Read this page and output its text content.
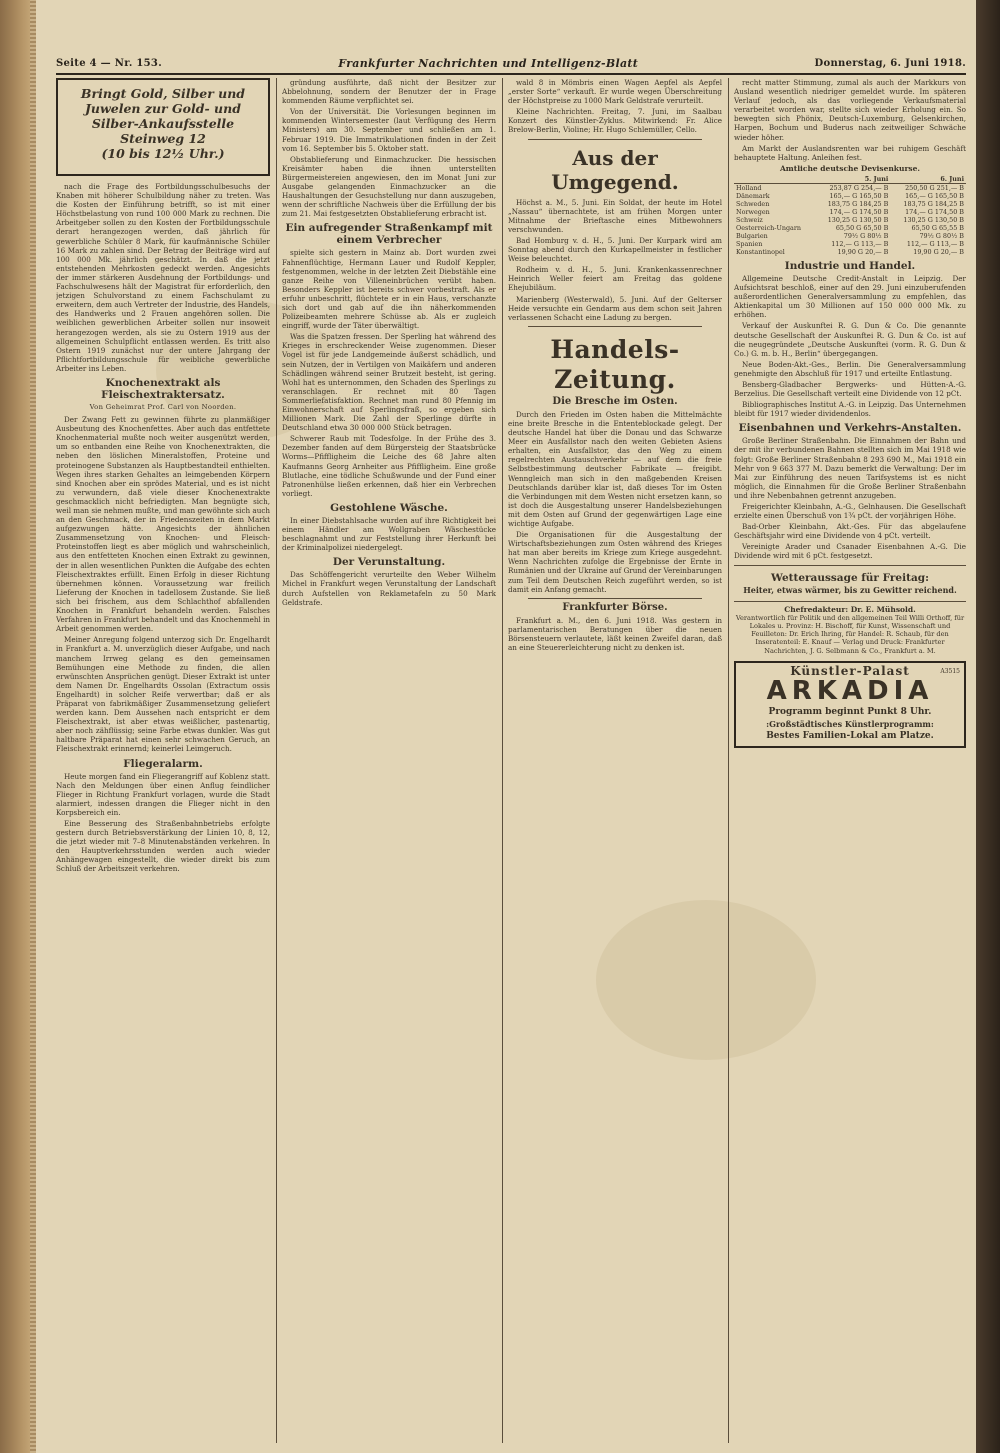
Seite 4 — Nr. 153.	Frankfurter Nachrichten und Intelligenz-Blatt	Donnerstag, 6. Juni 1918.
Bringt Gold, Silber und
Juwelen zur Gold- und
Silber-Ankaufsstelle Steinweg 12
(10 bis 12½ Uhr.)

nach die Frage des Fortbildungsschulbesuchs der Knaben mit höherer Schulbildung näher zu treten. Was die Kosten der Einführung betrifft, so ist mit einer Höchstbelastung von rund 100 000 Mark zu rechnen. Die Arbeitgeber sollen zu den Kosten der Fortbildungsschule derart herangezogen werden, daß jährlich für gewerbliche Schüler 8 Mark, für kaufmännische Schüler 16 Mark zu zahlen sind. Der Betrag der Beiträge wird auf 100 000 Mk. jährlich geschätzt. In daß die jetzt entstehenden Mehrkosten gedeckt werden. Angesichts der immer stärkeren Ausdehnung der Fortbildungs- und Fachschulwesens hält der Magistrat für erforderlich, den jetzigen Schulvorstand zu einem Fachschulamt zu erweitern, dem auch Vertreter der Industrie, des Handels, des Handwerks und 2 Frauen angehören sollen. Die weiblichen gewerblichen Arbeiter sollen nur insoweit herangezogen werden, als sie zu Ostern 1919 aus der allgemeinen Schulpflicht entlassen werden. Es tritt also Ostern 1919 zunächst nur der untere Jahrgang der Pflichtfortbildungsschule für weibliche gewerbliche Arbeiter ins Leben.

Knochenextrakt als Fleischextraktersatz.
Von Geheimrat Prof. Carl von Noorden.

Der Zwang Fett zu gewinnen führte zu planmäßiger Ausbeutung des Knochenfettes. Aber auch das entfettete Knochenmaterial mußte noch weiter ausgenützt werden, um so entbanden eine Reihe von Knochenextrakten, die neben den löslichen Mineralstoffen, Proteine und proteinogene Substanzen als Hauptbestandteil enthielten. Wegen ihres starken Gehaltes an leimgebenden Körpern sind Knochen aber ein sprödes Material, und es ist nicht zu verwundern, daß viele dieser Knochenextrakte geschmacklich nicht befriedigten. Man begnügte sich, weil man sie nehmen mußte, und man gewöhnte sich auch an den Geschmack, der in Friedenszeiten in dem Markt aufgezwungen hätte. Angesichts der ähnlichen Zusammensetzung von Knochen- und Fleisch-Proteinstoffen liegt es aber möglich und wahrscheinlich, aus den entfetteten Knochen einen Extrakt zu gewinnen, der in allen wesentlichen Punkten die Aufgabe des echten Fleischextraktes erfüllt. Einen Erfolg in dieser Richtung übernehmen können. Voraussetzung war freilich Lieferung der Knochen in tadellosem Zustande. Sie ließ sich bei frischem, aus dem Schlachthof abfallenden Knochen in Frankfurt behandeln werden. Falsches Verfahren in Frankfurt behandelt und das Knochenmehl in Arbeit genommen werden.

Meiner Anregung folgend unterzog sich Dr. Engelhardt in Frankfurt a. M. unverzüglich dieser Aufgabe, und nach manchem Irrweg gelang es den gemeinsamen Bemühungen eine Methode zu finden, die allen erwünschten Ansprüchen genügt. Dieser Extrakt ist unter dem Namen Dr. Engelhardts Ossolan (Extractum ossis Engelhardt) in solcher Reife verwertbar; daß er als Präparat von fabrikmäßiger Zusammensetzung geliefert werden kann. Dem Aussehen nach entspricht er dem Fleischextrakt, ist aber etwas weißlicher, pastenartig, aber noch zähflüssig; seine Farbe etwas dunkler. Was gut haltbare Präparat hat einen sehr schwachen Geruch, an Fleischextrakt erinnernd; keinerlei Leimgeruch.

Fliegeralarm.

Heute morgen fand ein Fliegerangriff auf Koblenz statt. Nach den Meldungen über einen Anflug feindlicher Flieger in Richtung Frankfurt vorlagen, wurde die Stadt alarmiert, indessen drangen die Flieger nicht in den Korpsbereich ein.

Eine Besserung des Straßenbahnbetriebs erfolgte gestern durch Betriebsverstärkung der Linien 10, 8, 12, die jetzt wieder mit 7–8 Minutenabständen verkehren. In den Hauptverkehrsstunden werden auch wieder Anhängewagen eingestellt, die wieder direkt bis zum Schluß der Arbeitszeit verkehren.

gründung ausführte, daß nicht der Besitzer zur Abbelohnung, sondern der Benutzer der in Frage kommenden Räume verpflichtet sei.

Von der Universität. Die Vorlesungen beginnen im kommenden Wintersemester (laut Verfügung des Herrn Ministers) am 30. September und schließen am 1. Februar 1919. Die Immatrikulationen finden in der Zeit vom 16. September bis 5. Oktober statt.

Obstablieferung und Einmachzucker. Die hessischen Kreisämter haben die ihnen unterstellten Bürgermeistereien angewiesen, den im Monat Juni zur Ausgabe gelangenden Einmachzucker an die Haushaltungen der Gesuchstellung nur dann auszugeben, wenn der schriftliche Nachweis über die Erfüllung der bis zum 21. Mai festgesetzten Obstablieferung erbracht ist.

Ein aufregender Straßenkampf mit einem Verbrecher

spielte sich gestern in Mainz ab. Dort wurden zwei Fahnenflüchtige, Hermann Lauer und Rudolf Keppler, festgenommen, welche in der letzten Zeit Diebstähle eine ganze Reihe von Villeneinbrüchen verübt haben. Besonders Keppler ist bereits schwer vorbestraft. Als er erfuhr unbeschritt, flüchtete er in ein Haus, verschanzte sich dort und gab auf die ihn näherkommenden Polizeibeamten mehrere Schüsse ab. Als er zugleich eingriff, wurde der Täter überwältigt.

Was die Spatzen fressen. Der Sperling hat während des Krieges in erschreckender Weise zugenommen. Dieser Vogel ist für jede Landgemeinde äußerst schädlich, und sein Nutzen, der in Vertilgen von Maikäfern und anderen Schädlingen während seiner Brutzeit besteht, ist gering. Wohl hat es unternommen, den Schaden des Sperlings zu veranschlagen. Er rechnet mit 80 Tagen Sommerliefatisfaktion. Rechnet man rund 80 Pfennig im Einwohnerschaft auf Sperlingsfraß, so ergeben sich Millionen Mark. Die Zahl der Sperlinge dürfte in Deutschland etwa 30 000 000 Stück betragen.

Schwerer Raub mit Todesfolge. In der Frühe des 3. Dezember fanden auf dem Bürgersteig der Staatsbrücke Worms—Pfiffligheim die Leiche des 68 Jahre alten Kaufmanns Georg Arnheiter aus Pfiffligheim. Eine große Blutlache, eine tödliche Schußwunde und der Fund einer Patronenhülse ließen erkennen, daß hier ein Verbrechen vorliegt.

Gestohlene Wäsche.

In einer Diebstahlsache wurden auf ihre Richtigkeit bei einem Händler am Wollgraben Wäschestücke beschlagnahmt und zur Feststellung ihrer Herkunft bei der Kriminalpolizei niedergelegt.

Der Verunstaltung.

Das Schöffengericht verurteilte den Weber Wilhelm Michel in Frankfurt wegen Verunstaltung der Landschaft durch Aufstellen von Reklametafeln zu 50 Mark Geldstrafe.

wald 8 in Mömbris einen Wagen Aepfel als Aepfel „erster Sorte“ verkauft. Er wurde wegen Überschreitung der Höchstpreise zu 1000 Mark Geldstrafe verurteilt.

Kleine Nachrichten. Freitag, 7. Juni, im Saalbau Konzert des Künstler-Zyklus. Mitwirkend: Fr. Alice Brelow-Berlin, Violine; Hr. Hugo Schlemüller, Cello.

Aus der Umgegend.

Höchst a. M., 5. Juni. Ein Soldat, der heute im Hotel „Nassau“ übernachtete, ist am frühen Morgen unter Mitnahme der Brieftasche eines Mitbewohners verschwunden.

Bad Homburg v. d. H., 5. Juni. Der Kurpark wird am Sonntag abend durch den Kurkapellmeister in festlicher Weise beleuchtet.

Rodheim v. d. H., 5. Juni. Krankenkassenrechner Heinrich Weller feiert am Freitag das goldene Ehejubiläum.

Marienberg (Westerwald), 5. Juni. Auf der Gelterser Heide versuchte ein Gendarm aus dem schon seit Jahren verlassenen Schacht eine Ladung zu bergen.

Handels-Zeitung.
Die Bresche im Osten.

Durch den Frieden im Osten haben die Mittelmächte eine breite Bresche in die Ententeblockade gelegt. Der deutsche Handel hat über die Donau und das Schwarze Meer ein Ausfallstor nach den weiten Gebieten Asiens erhalten, ein Ausfallstor, das den Weg zu einem regelrechten Austauschverkehr — auf dem die freie Selbstbestimmung deutscher Fabrikate — freigibt. Wenngleich man sich in den maßgebenden Kreisen Deutschlands darüber klar ist, daß dieses Tor im Osten die Verbindungen mit dem Westen nicht ersetzen kann, so ist doch die Ausgestaltung unserer Handelsbeziehungen mit dem Osten auf Grund der gegenwärtigen Lage eine wichtige Aufgabe.

Die Organisationen für die Ausgestaltung der Wirtschaftsbeziehungen zum Osten während des Krieges hat man aber bereits im Kriege zum Kriege ausgedehnt. Wenn Nachrichten zufolge die Ergebnisse der Ernte in Rumänien und der Ukraine auf Grund der Vereinbarungen zum Teil dem Deutschen Reich zugeführt werden, so ist damit ein Anfang gemacht.

Frankfurter Börse.

Frankfurt a. M., den 6. Juni 1918. Was gestern in parlamentarischen Beratungen über die neuen Börsensteuern verlautete, läßt keinen Zweifel daran, daß an eine Steuererleichterung nicht zu denken ist.

recht matter Stimmung, zumal als auch der Markkurs von Ausland wesentlich niedriger gemeldet wurde. Im späteren Verlauf jedoch, als das vorliegende Verkaufsmaterial verarbeitet worden war, stellte sich wieder Erholung ein. So bewegten sich Phönix, Deutsch-Luxemburg, Gelsenkirchen, Harpen, Bochum und Buderus nach zeitweiliger Schwäche wieder höher.

Am Markt der Auslandsrenten war bei ruhigem Geschäft behauptete Haltung. Anleihen fest.

Amtliche deutsche Devisenkurse.
	5. Juni	6. Juni
Holland	253,87 G 254,— B	250,50 G 251,— B
Dänemark	165,— G 165,50 B	165,— G 165,50 B
Schweden	183,75 G 184,25 B	183,75 G 184,25 B
Norwegen	174,— G 174,50 B	174,— G 174,50 B
Schweiz	130,25 G 130,50 B	130,25 G 130,50 B
Oesterreich-Ungarn	65,50 G 65,50 B	65,50 G 65,55 B
Bulgarien	79½ G 80½ B	79½ G 80½ B
Spanien	112,— G 113,— B	112,— G 113,— B
Konstantinopel	19,90 G 20,— B	19,90 G 20,— B
Industrie und Handel.

Allgemeine Deutsche Credit-Anstalt in Leipzig. Der Aufsichtsrat beschloß, einer auf den 29. Juni einzuberufenden außerordentlichen Generalversammlung zu empfehlen, das Aktienkapital um 30 Millionen auf 150 000 000 Mk. zu erhöhen.

Verkauf der Auskunftei R. G. Dun & Co. Die genannte deutsche Gesellschaft der Auskunftei R. G. Dun & Co. ist auf die neugegründete „Deutsche Auskunftei (vorm. R. G. Dun & Co.) G. m. b. H., Berlin“ übergegangen.

Neue Boden-Akt.-Ges., Berlin. Die Generalversammlung genehmigte den Abschluß für 1917 und erteilte Entlastung.

Bensberg-Gladbacher Bergwerks- und Hütten-A.-G. Berzelius. Die Gesellschaft verteilt eine Dividende von 12 pCt.

Bibliographisches Institut A.-G. in Leipzig. Das Unternehmen bleibt für 1917 wieder dividendenlos.

Eisenbahnen und Verkehrs-Anstalten.

Große Berliner Straßenbahn. Die Einnahmen der Bahn und der mit ihr verbundenen Bahnen stellten sich im Mai 1918 wie folgt: Große Berliner Straßenbahn 8 293 690 M., Mai 1918 ein Mehr von 9 663 377 M. Dazu bemerkt die Verwaltung: Der im Mai zur Einführung des neuen Tarifsystems ist es nicht möglich, die Einnahmen für die Große Berliner Straßenbahn und ihre Nebenbahnen getrennt anzugeben.

Freigerichter Kleinbahn, A.-G., Gelnhausen. Die Gesellschaft erzielte einen Überschuß von 1¾ pCt. der vorjährigen Höhe.

Bad-Orber Kleinbahn, Akt.-Ges. Für das abgelaufene Geschäftsjahr wird eine Dividende von 4 pCt. verteilt.

Vereinigte Arader und Csanader Eisenbahnen A.-G. Die Dividende wird mit 6 pCt. festgesetzt.

Wetteraussage für Freitag:
Heiter, etwas wärmer, bis zu Gewitter reichend.
Chefredakteur: Dr. E. Mühsold.
Verantwortlich für Politik und den allgemeinen Teil Willi Orthoff, für Lokales u. Provinz: H. Bischoff, für Kunst, Wissenschaft und Feuilleton: Dr. Erich Ihring, für Handel: R. Schaub, für den Inseratenteil: E. Knauf — Verlag und Druck: Frankfurter Nachrichten, J. G. Selbmann & Co., Frankfurt a. M.
A3515
Künstler-Palast
ARKADIA
Programm beginnt Punkt 8 Uhr.
:Großstädtisches Künstlerprogramm:
Bestes Familien-Lokal am Platze.
